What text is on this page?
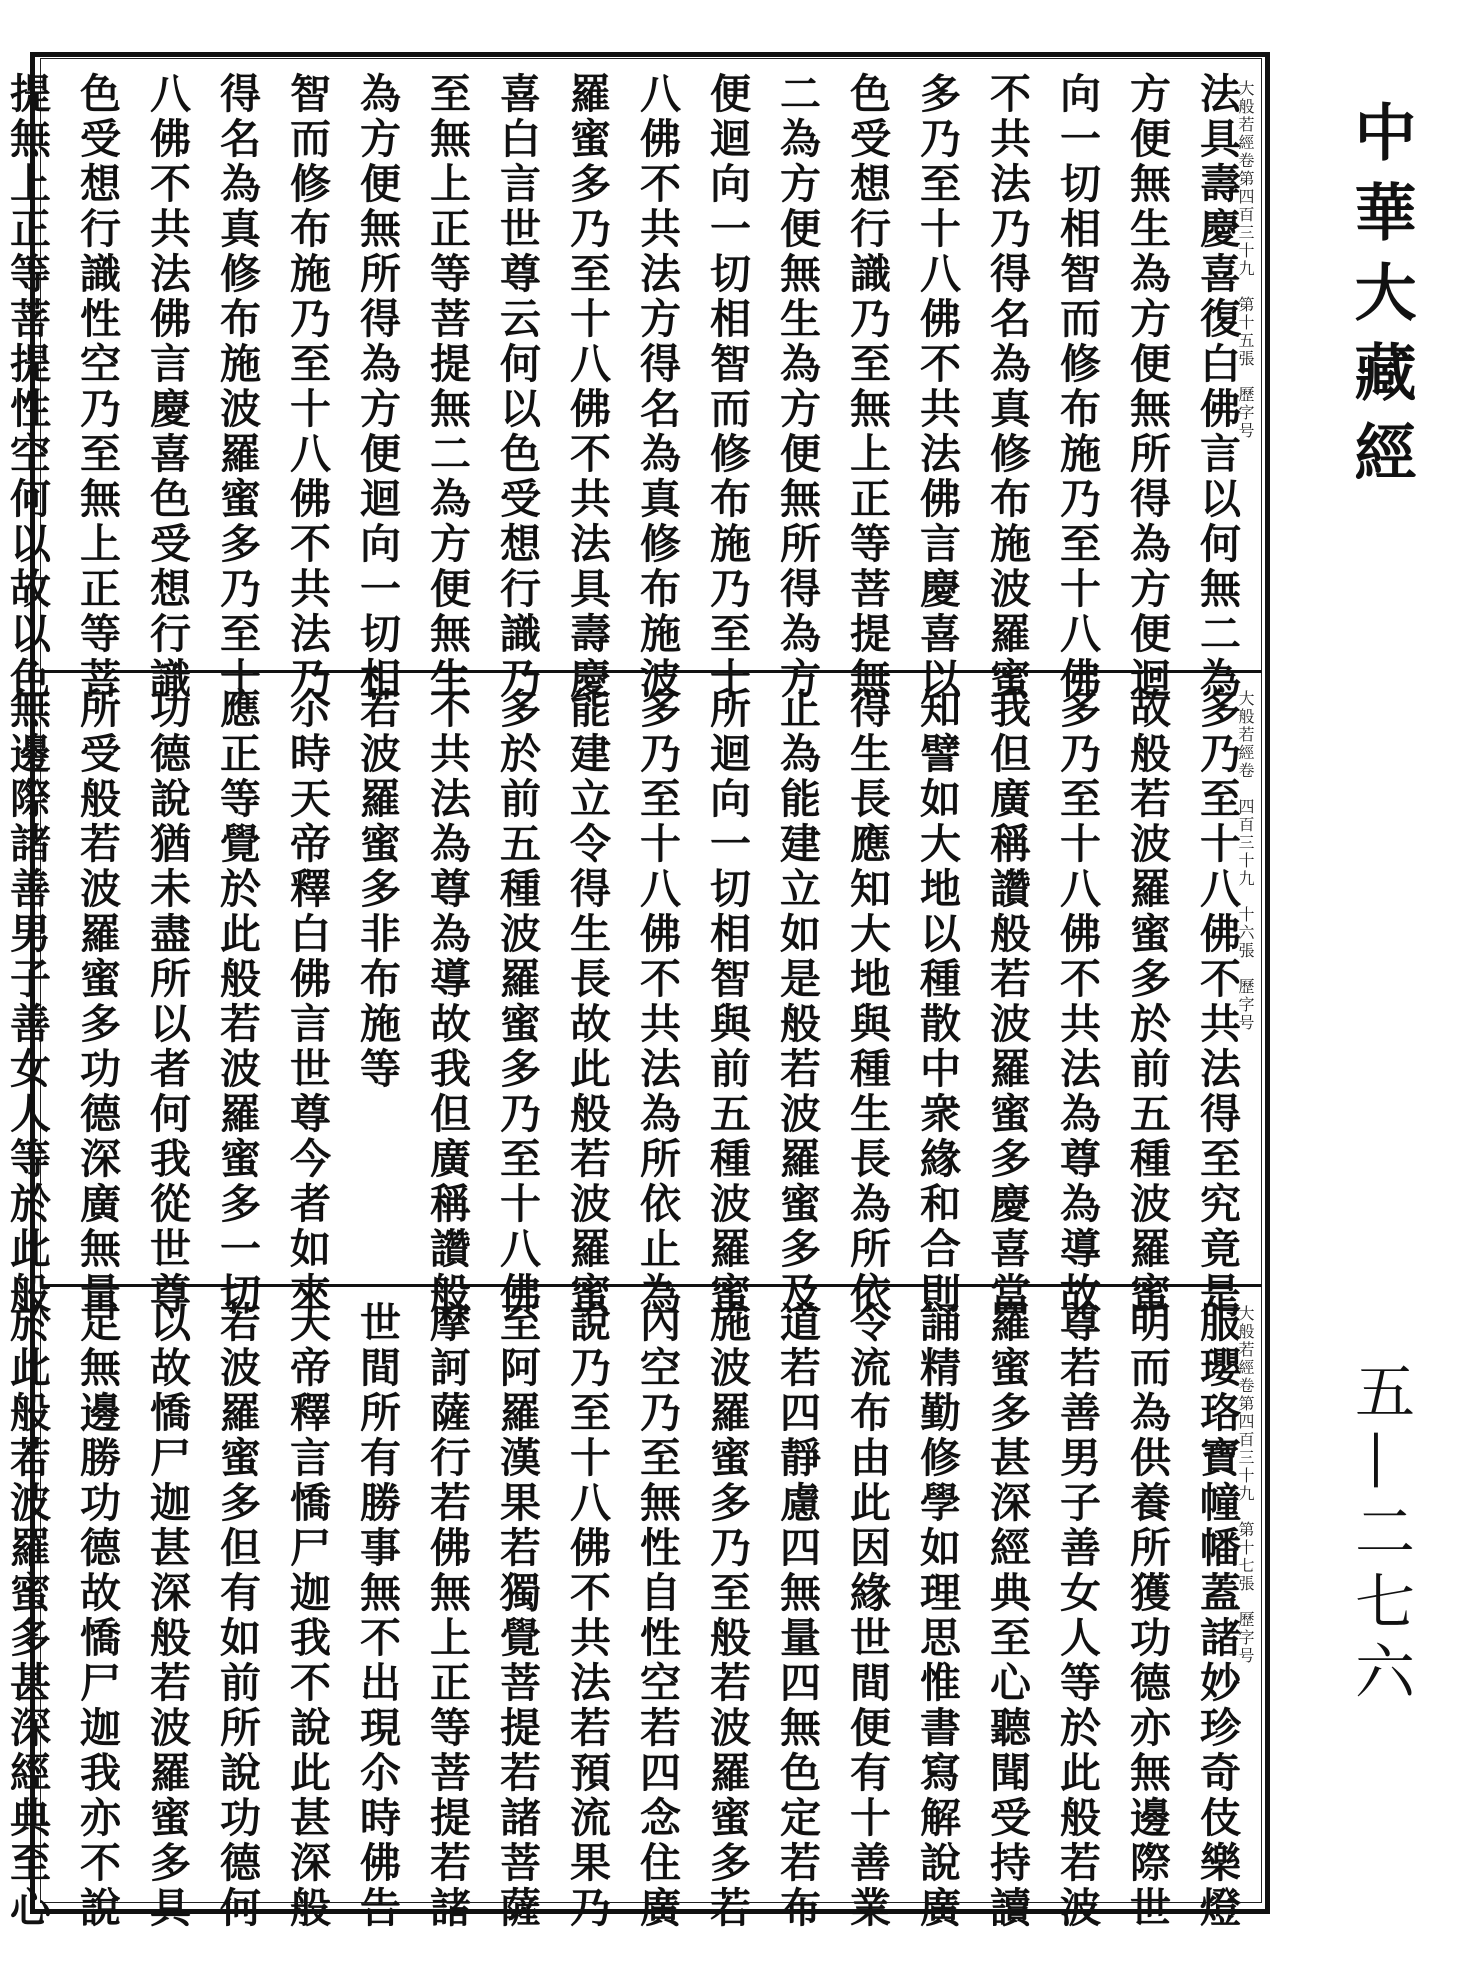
法具壽慶喜復白佛言以何無二為
方便無生為方便無所得為方便迴
向一切相智而修布施乃至十八佛
不共法乃得名為真修布施波羅蜜
多乃至十八佛不共法佛言慶喜以
色受想行識乃至無上正等菩提無
二為方便無生為方便無所得為方
便迴向一切相智而修布施乃至十
八佛不共法方得名為真修布施波
羅蜜多乃至十八佛不共法具壽慶
喜白言世尊云何以色受想行識乃
至無上正等菩提無二為方便無生
為方便無所得為方便迴向一切相
智而修布施乃至十八佛不共法乃
得名為真修布施波羅蜜多乃至十
八佛不共法佛言慶喜色受想行識
色受想行識性空乃至無上正等菩
提無上正等菩提性空何以故以色
多乃至十八佛不共法得至究竟是
故般若波羅蜜多於前五種波羅蜜
多乃至十八佛不共法為尊為導故
我但廣稱讚般若波羅蜜多慶喜當
知譬如大地以種散中衆緣和合則
得生長應知大地與種生長為所依
止為能建立如是般若波羅蜜多及
所迴向一切相智與前五種波羅蜜
多乃至十八佛不共法為所依止為
能建立令得生長故此般若波羅蜜
多於前五種波羅蜜多乃至十八佛
不共法為尊為導故我但廣稱讚般
若波羅蜜多非布施等
尒時天帝釋白佛言世尊今者如來
應正等覺於此般若波羅蜜多一切
功德說猶未盡所以者何我從世尊
所受般若波羅蜜多功德深廣無量
無邊際諸善男子善女人等於此般
服瓔珞寶幢幡蓋諸妙珍奇伎樂燈
明而為供養所獲功德亦無邊際世
尊若善男子善女人等於此般若波
羅蜜多甚深經典至心聽聞受持讀
誦精勤修學如理思惟書寫解說廣
令流布由此因緣世間便有十善業
道若四靜慮四無量四無色定若布
施波羅蜜多乃至般若波羅蜜多若
內空乃至無性自性空若四念住廣
說乃至十八佛不共法若預流果乃
至阿羅漢果若獨覺菩提若諸菩薩
摩訶薩行若佛無上正等菩提若諸
世間所有勝事無不出現尒時佛告
天帝釋言憍尸迦我不說此甚深般
若波羅蜜多但有如前所說功德何
以故憍尸迦甚深般若波羅蜜多具
足無邊勝功德故憍尸迦我亦不說
於此般若波羅蜜多甚深經典至心
大般若經卷第四百三十九　第十五張　歷字号
大般若經卷　四百三十九　十六張　歷字号
大般若經卷第四百三十九　第十七張　歷字号
中華大藏經
五—二七六
